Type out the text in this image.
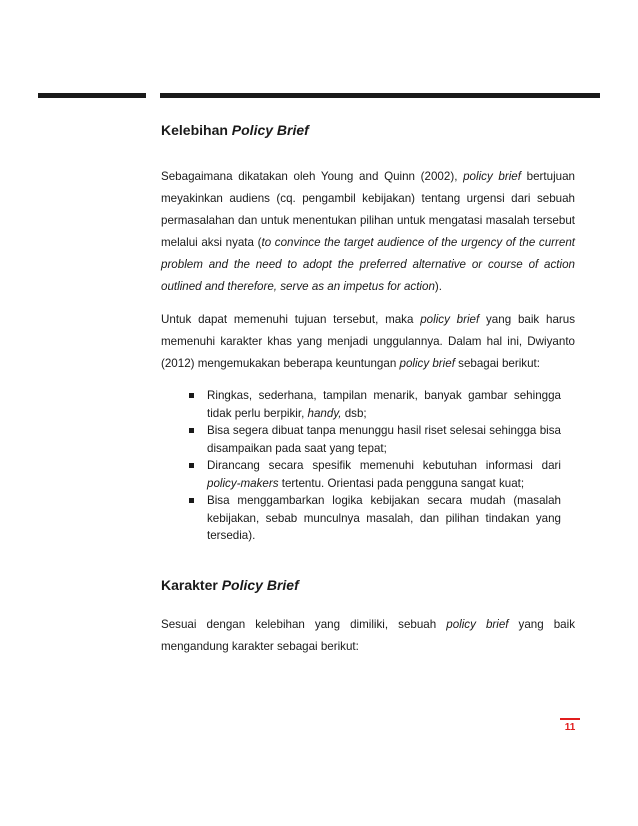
Kelebihan Policy Brief

Sebagaimana dikatakan oleh Young and Quinn (2002), policy brief bertujuan meyakinkan audiens (cq. pengambil kebijakan) tentang urgensi dari sebuah permasalahan dan untuk menentukan pilihan untuk mengatasi masalah tersebut melalui aksi nyata (to convince the target audience of the urgency of the current problem and the need to adopt the preferred alternative or course of action outlined and therefore, serve as an impetus for action).

Untuk dapat memenuhi tujuan tersebut, maka policy brief yang baik harus memenuhi karakter khas yang menjadi unggulannya. Dalam hal ini, Dwiyanto (2012) mengemukakan beberapa keuntungan policy brief sebagai berikut:

Ringkas, sederhana, tampilan menarik, banyak gambar sehingga tidak perlu berpikir, handy, dsb;
Bisa segera dibuat tanpa menunggu hasil riset selesai sehingga bisa disampaikan pada saat yang tepat;
Dirancang secara spesifik memenuhi kebutuhan informasi dari policy-makers tertentu. Orientasi pada pengguna sangat kuat;
Bisa menggambarkan logika kebijakan secara mudah (masalah kebijakan, sebab munculnya masalah, dan pilihan tindakan yang tersedia).
Karakter Policy Brief

Sesuai dengan kelebihan yang dimiliki, sebuah policy brief yang baik mengandung karakter sebagai berikut:

11
